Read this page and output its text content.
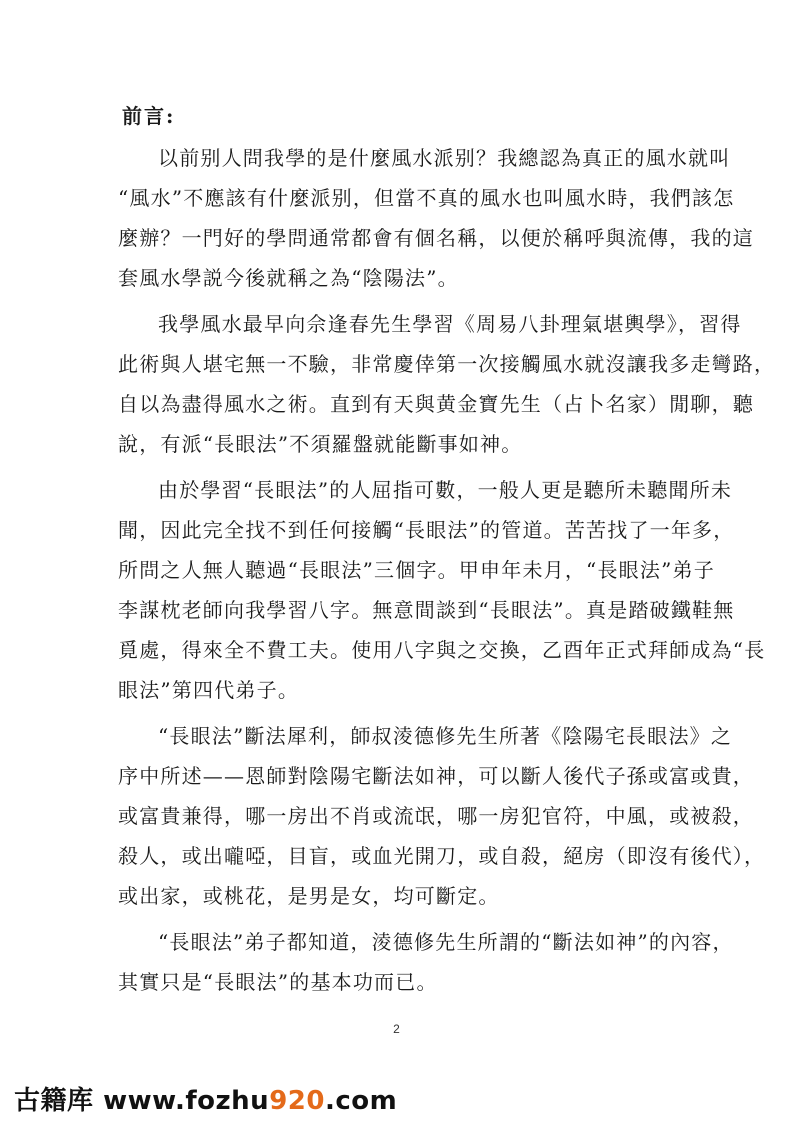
前言:

以前别人問我學的是什麼風水派别？我總認為真正的風水就叫
“風水”不應該有什麼派别，但當不真的風水也叫風水時，我們該怎
麼辦？一門好的學問通常都會有個名稱，以便於稱呼與流傳，我的這
套風水學説今後就稱之為“陰陽法”。

我學風水最早向佘逢春先生學習《周易八卦理氣堪輿學》，習得
此術與人堪宅無一不驗，非常慶倖第一次接觸風水就沒讓我多走彎路，
自以為盡得風水之術。直到有天與黄金寶先生（占卜名家）閒聊，聽
說，有派“長眼法”不須羅盤就能斷事如神。

由於學習“長眼法”的人屈指可數，一般人更是聽所未聽聞所未
聞，因此完全找不到任何接觸“長眼法”的管道。苦苦找了一年多，
所問之人無人聽過“長眼法”三個字。甲申年未月，“長眼法”弟子
李謀枕老師向我學習八字。無意間談到“長眼法”。真是踏破鐵鞋無
覓處，得來全不費工夫。使用八字與之交換，乙酉年正式拜師成為“長
眼法”第四代弟子。

“長眼法”斷法犀利，師叔淩德修先生所著《陰陽宅長眼法》之
序中所述——恩師對陰陽宅斷法如神，可以斷人後代子孫或富或貴，
或富貴兼得，哪一房出不肖或流氓，哪一房犯官符，中風，或被殺，
殺人，或出嚨啞，目盲，或血光開刀，或自殺，絕房（即沒有後代），
或出家，或桃花，是男是女，均可斷定。

“長眼法”弟子都知道，淩德修先生所謂的“斷法如神”的內容，
其實只是“長眼法”的基本功而已。

2
古籍库 www.fozhu920.com
